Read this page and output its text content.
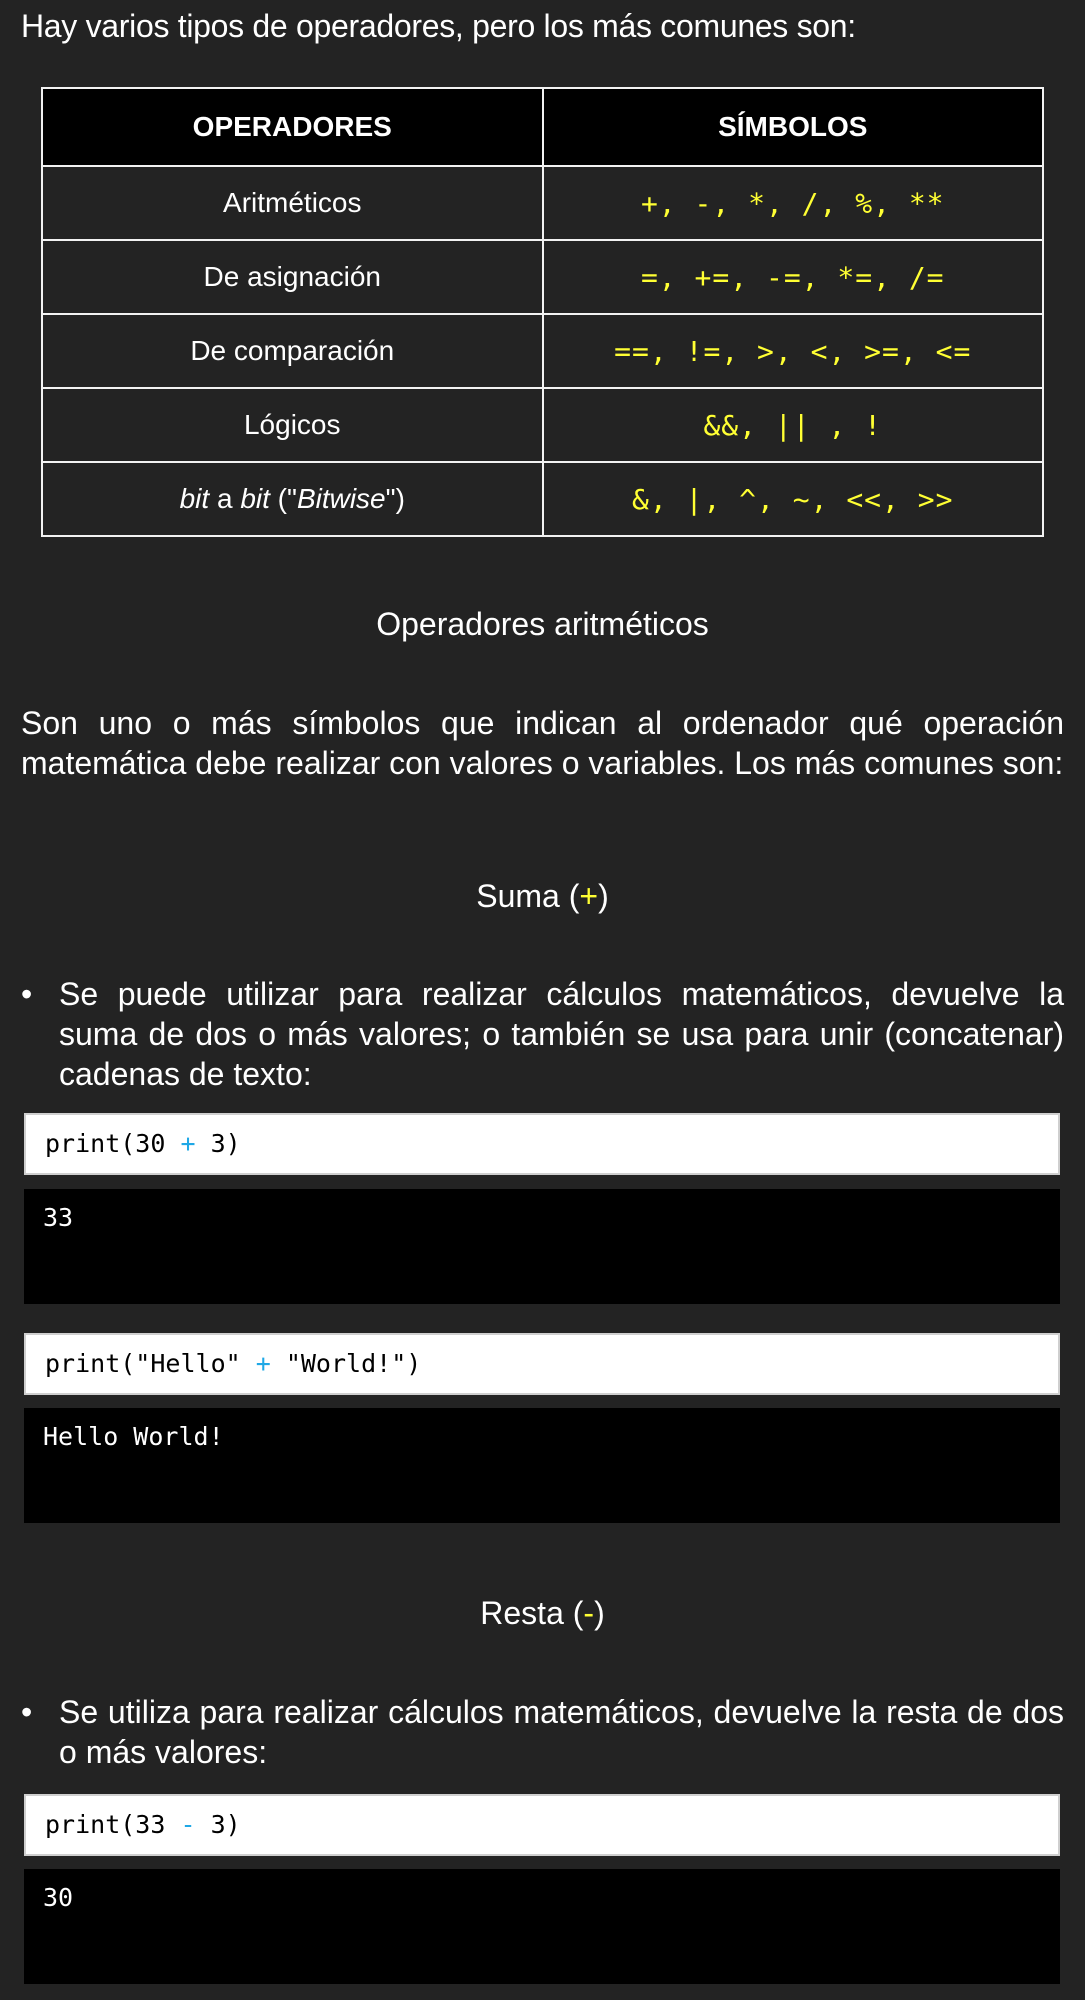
Hay varios tipos de operadores, pero los más comunes son:

OPERADORES	SÍMBOLOS
Aritméticos	+, -, *, /, %, **
De asignación	=, +=, -=, *=, /=
De comparación	==, !=, >, <, >=, <=
Lógicos	&&, || , !
bit a bit ("Bitwise")	&, |, ^, ~, <<, >>

Operadores aritméticos

Son uno o más símbolos que indican al ordenador qué operación matemática debe realizar con valores o variables. Los más comunes son:

Suma (+)

• Se puede utilizar para realizar cálculos matemáticos, devuelve la suma de dos o más valores; o también se usa para unir (concatenar) cadenas de texto:
print(30 + 3)
33
print("Hello" + "World!")
Hello World!

Resta (-)

• Se utiliza para realizar cálculos matemáticos, devuelve la resta de dos o más valores:
print(33 - 3)
30
